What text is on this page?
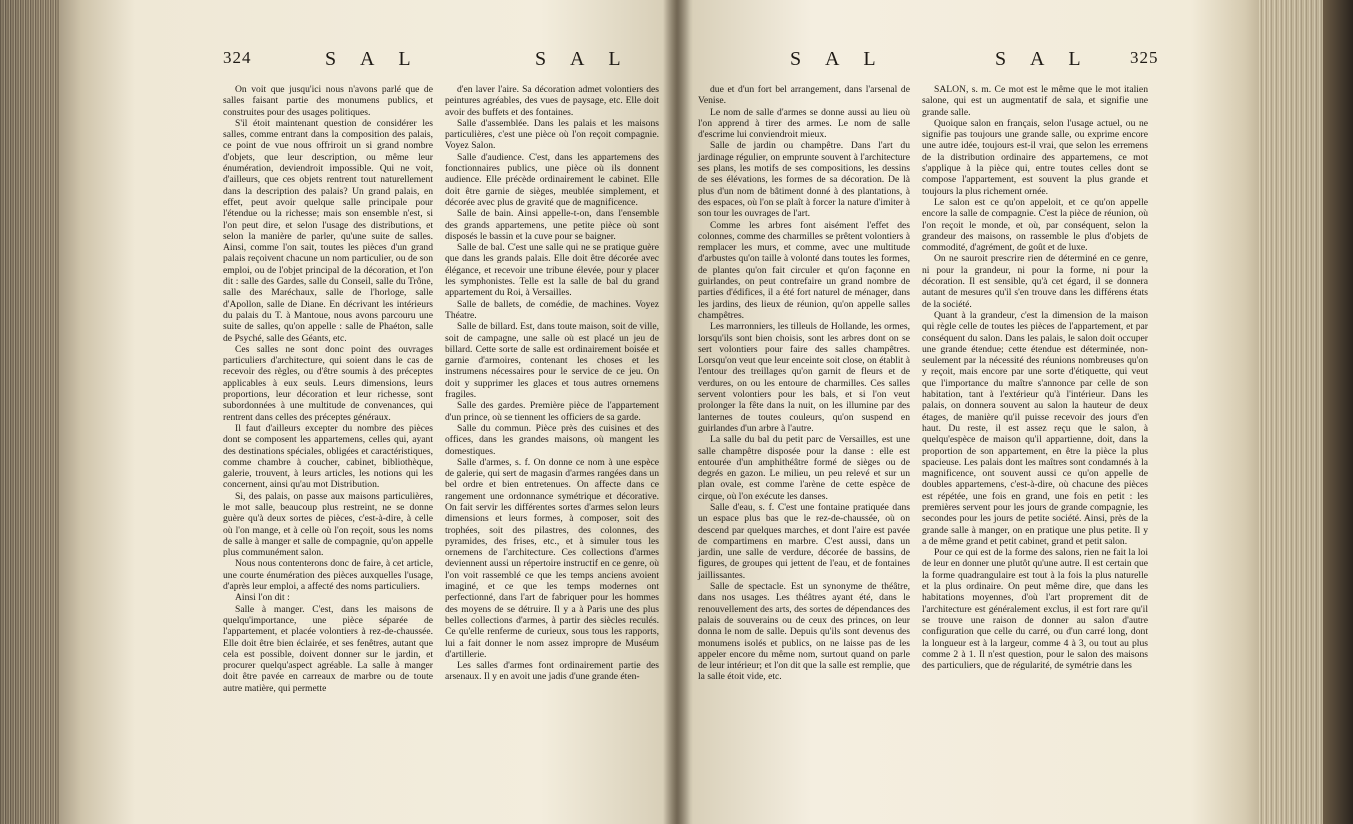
324	S A L	S A L

On voit que jusqu'ici nous n'avons parlé que de salles faisant partie des monumens publics, et construites pour des usages politiques.

S'il étoit maintenant question de considérer les salles, comme entrant dans la composition des palais, ce point de vue nous offriroit un si grand nombre d'objets, que leur description, ou même leur énumération, deviendroit impossible. Qui ne voit, d'ailleurs, que ces objets rentrent tout naturellement dans la description des palais? Un grand palais, en effet, peut avoir quelque salle principale pour l'étendue ou la richesse; mais son ensemble n'est, si l'on peut dire, et selon l'usage des distributions, et selon la manière de parler, qu'une suite de salles. Ainsi, comme l'on sait, toutes les pièces d'un grand palais reçoivent chacune un nom particulier, ou de son emploi, ou de l'objet principal de la décoration, et l'on dit : salle des Gardes, salle du Conseil, salle du Trône, salle des Maréchaux, salle de l'horloge, salle d'Apollon, salle de Diane. En décrivant les intérieurs du palais du T. à Mantoue, nous avons parcouru une suite de salles, qu'on appelle : salle de Phaéton, salle de Psyché, salle des Géants, etc.

Ces salles ne sont donc point des ouvrages particuliers d'architecture, qui soient dans le cas de recevoir des règles, ou d'être soumis à des préceptes applicables à eux seuls. Leurs dimensions, leurs proportions, leur décoration et leur richesse, sont subordonnées à une multitude de convenances, qui rentrent dans celles des préceptes généraux.

Il faut d'ailleurs excepter du nombre des pièces dont se composent les appartemens, celles qui, ayant des destinations spéciales, obligées et caractéristiques, comme chambre à coucher, cabinet, bibliothèque, galerie, trouvent, à leurs articles, les notions qui les concernent, ainsi qu'au mot Distribution.

Si, des palais, on passe aux maisons particulières, le mot salle, beaucoup plus restreint, ne se donne guère qu'à deux sortes de pièces, c'est-à-dire, à celle où l'on mange, et à celle où l'on reçoit, sous les noms de salle à manger et salle de compagnie, qu'on appelle plus communément salon.

Nous nous contenterons donc de faire, à cet article, une courte énumération des pièces auxquelles l'usage, d'après leur emploi, a affecté des noms particuliers.

Ainsi l'on dit :

Salle à manger. C'est, dans les maisons de quelqu'importance, une pièce séparée de l'appartement, et placée volontiers à rez-de-chaussée. Elle doit être bien éclairée, et ses fenêtres, autant que cela est possible, doivent donner sur le jardin, et procurer quelqu'aspect agréable. La salle à manger doit être pavée en carreaux de marbre ou de toute autre matière, qui permette

d'en laver l'aire. Sa décoration admet volontiers des peintures agréables, des vues de paysage, etc. Elle doit avoir des buffets et des fontaines.

Salle d'assemblée. Dans les palais et les maisons particulières, c'est une pièce où l'on reçoit compagnie. Voyez Salon.

Salle d'audience. C'est, dans les appartemens des fonctionnaires publics, une pièce où ils donnent audience. Elle précède ordinairement le cabinet. Elle doit être garnie de sièges, meublée simplement, et décorée avec plus de gravité que de magnificence.

Salle de bain. Ainsi appelle-t-on, dans l'ensemble des grands appartemens, une petite pièce où sont disposés le bassin et la cuve pour se baigner.

Salle de bal. C'est une salle qui ne se pratique guère que dans les grands palais. Elle doit être décorée avec élégance, et recevoir une tribune élevée, pour y placer les symphonistes. Telle est la salle de bal du grand appartement du Roi, à Versailles.

Salle de ballets, de comédie, de machines. Voyez Théatre.

Salle de billard. Est, dans toute maison, soit de ville, soit de campagne, une salle où est placé un jeu de billard. Cette sorte de salle est ordinairement boisée et garnie d'armoires, contenant les choses et les instrumens nécessaires pour le service de ce jeu. On doit y supprimer les glaces et tous autres ornemens fragiles.

Salle des gardes. Première pièce de l'appartement d'un prince, où se tiennent les officiers de sa garde.

Salle du commun. Pièce près des cuisines et des offices, dans les grandes maisons, où mangent les domestiques.

Salle d'armes, s. f. On donne ce nom à une espèce de galerie, qui sert de magasin d'armes rangées dans un bel ordre et bien entretenues. On affecte dans ce rangement une ordonnance symétrique et décorative. On fait servir les différentes sortes d'armes selon leurs dimensions et leurs formes, à composer, soit des trophées, soit des pilastres, des colonnes, des pyramides, des frises, etc., et à simuler tous les ornemens de l'architecture. Ces collections d'armes deviennent aussi un répertoire instructif en ce genre, où l'on voit rassemblé ce que les temps anciens avoient imaginé, et ce que les temps modernes ont perfectionné, dans l'art de fabriquer pour les hommes des moyens de se détruire. Il y a à Paris une des plus belles collections d'armes, à partir des siècles reculés. Ce qu'elle renferme de curieux, sous tous les rapports, lui a fait donner le nom assez impropre de Muséum d'artillerie.

Les salles d'armes font ordinairement partie des arsenaux. Il y en avoit une jadis d'une grande éten-

S A L	S A L 325

due et d'un fort bel arrangement, dans l'arsenal de Venise.

Le nom de salle d'armes se donne aussi au lieu où l'on apprend à tirer des armes. Le nom de salle d'escrime lui conviendroit mieux.

Salle de jardin ou champêtre. Dans l'art du jardinage régulier, on emprunte souvent à l'architecture ses plans, les motifs de ses compositions, les dessins de ses élévations, les formes de sa décoration. De là plus d'un nom de bâtiment donné à des plantations, à des espaces, où l'on se plaît à forcer la nature d'imiter à son tour les ouvrages de l'art.

Comme les arbres font aisément l'effet des colonnes, comme des charmilles se prêtent volontiers à remplacer les murs, et comme, avec une multitude d'arbustes qu'on taille à volonté dans toutes les formes, de plantes qu'on fait circuler et qu'on façonne en guirlandes, on peut contrefaire un grand nombre de parties d'édifices, il a été fort naturel de ménager, dans les jardins, des lieux de réunion, qu'on appelle salles champêtres.

Les marronniers, les tilleuls de Hollande, les ormes, lorsqu'ils sont bien choisis, sont les arbres dont on se sert volontiers pour faire des salles champêtres. Lorsqu'on veut que leur enceinte soit close, on établit à l'entour des treillages qu'on garnit de fleurs et de verdures, on ou les entoure de charmilles. Ces salles servent volontiers pour les bals, et si l'on veut prolonger la fête dans la nuit, on les illumine par des lanternes de toutes couleurs, qu'on suspend en guirlandes d'un arbre à l'autre.

La salle du bal du petit parc de Versailles, est une salle champêtre disposée pour la danse : elle est entourée d'un amphithéâtre formé de sièges ou de degrés en gazon. Le milieu, un peu relevé et sur un plan ovale, est comme l'arène de cette espèce de cirque, où l'on exécute les danses.

Salle d'eau, s. f. C'est une fontaine pratiquée dans un espace plus bas que le rez-de-chaussée, où on descend par quelques marches, et dont l'aire est pavée de compartimens en marbre. C'est aussi, dans un jardin, une salle de verdure, décorée de bassins, de figures, de groupes qui jettent de l'eau, et de fontaines jaillissantes.

Salle de spectacle. Est un synonyme de théâtre, dans nos usages. Les théâtres ayant été, dans le renouvellement des arts, des sortes de dépendances des palais de souverains ou de ceux des princes, on leur donna le nom de salle. Depuis qu'ils sont devenus des monumens isolés et publics, on ne laisse pas de les appeler encore du même nom, surtout quand on parle de leur intérieur; et l'on dit que la salle est remplie, que la salle étoit vide, etc.

SALON, s. m. Ce mot est le même que le mot italien salone, qui est un augmentatif de sala, et signifie une grande salle.

Quoique salon en français, selon l'usage actuel, ou ne signifie pas toujours une grande salle, ou exprime encore une autre idée, toujours est-il vrai, que selon les erremens de la distribution ordinaire des appartemens, ce mot s'applique à la pièce qui, entre toutes celles dont se compose l'appartement, est souvent la plus grande et toujours la plus richement ornée.

Le salon est ce qu'on appeloit, et ce qu'on appelle encore la salle de compagnie. C'est la pièce de réunion, où l'on reçoit le monde, et où, par conséquent, selon la grandeur des maisons, on rassemble le plus d'objets de commodité, d'agrément, de goût et de luxe.

On ne sauroit prescrire rien de déterminé en ce genre, ni pour la grandeur, ni pour la forme, ni pour la décoration. Il est sensible, qu'à cet égard, il se donnera autant de mesures qu'il s'en trouve dans les différens états de la société.

Quant à la grandeur, c'est la dimension de la maison qui règle celle de toutes les pièces de l'appartement, et par conséquent du salon. Dans les palais, le salon doit occuper une grande étendue; cette étendue est déterminée, non-seulement par la nécessité des réunions nombreuses qu'on y reçoit, mais encore par une sorte d'étiquette, qui veut que l'importance du maître s'annonce par celle de son habitation, tant à l'extérieur qu'à l'intérieur. Dans les palais, on donnera souvent au salon la hauteur de deux étages, de manière qu'il puisse recevoir des jours d'en haut. Du reste, il est assez reçu que le salon, à quelqu'espèce de maison qu'il appartienne, doit, dans la proportion de son appartement, en être la pièce la plus spacieuse. Les palais dont les maîtres sont condamnés à la magnificence, ont souvent aussi ce qu'on appelle de doubles appartemens, c'est-à-dire, où chacune des pièces est répétée, une fois en grand, une fois en petit : les premières servent pour les jours de grande compagnie, les secondes pour les jours de petite société. Ainsi, près de la grande salle à manger, on en pratique une plus petite. Il y a de même grand et petit cabinet, grand et petit salon.

Pour ce qui est de la forme des salons, rien ne fait la loi de leur en donner une plutôt qu'une autre. Il est certain que la forme quadrangulaire est tout à la fois la plus naturelle et la plus ordinaire. On peut même dire, que dans les habitations moyennes, d'où l'art proprement dit de l'architecture est généralement exclus, il est fort rare qu'il se trouve une raison de donner au salon d'autre configuration que celle du carré, ou d'un carré long, dont la longueur est à la largeur, comme 4 à 3, ou tout au plus comme 2 à 1. Il n'est question, pour le salon des maisons des particuliers, que de régularité, de symétrie dans les
